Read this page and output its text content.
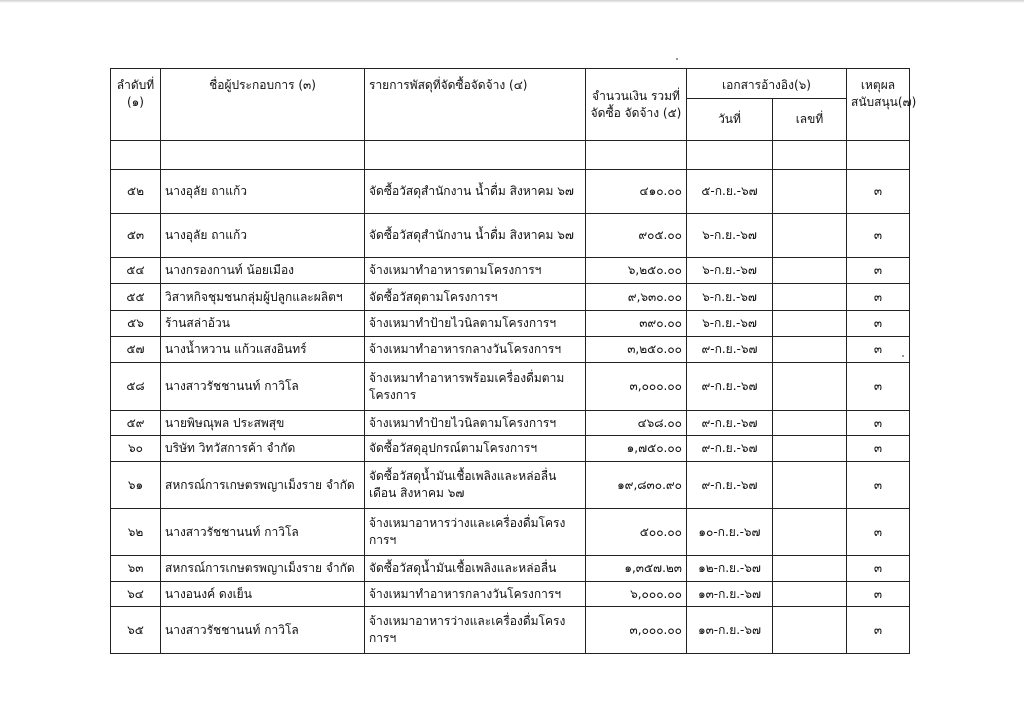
ลำดับที่ (๑)	ชื่อผู้ประกอบการ (๓)	รายการพัสดุที่จัดซื้อจัดจ้าง (๔)	จำนวนเงิน รวมที่จัดซื้อ จัดจ้าง (๕)	เอกสารอ้างอิง(๖)		เหตุผล สนับสนุน(๗)
				วันที่	เลขที่	

๕๒	นางอุลัย ถาแก้ว	จัดซื้อวัสดุสำนักงาน น้ำดื่ม สิงหาคม ๖๗	๔๑๐.๐๐	๕-ก.ย.-๖๗		๓
๕๓	นางอุลัย ถาแก้ว	จัดซื้อวัสดุสำนักงาน น้ำดื่ม สิงหาคม ๖๗	๙๐๕.๐๐	๖-ก.ย.-๖๗		๓
๕๔	นางกรองกานท์ น้อยเมือง	จ้างเหมาทำอาหารตามโครงการฯ	๖,๒๕๐.๐๐	๖-ก.ย.-๖๗		๓
๕๕	วิสาหกิจชุมชนกลุ่มผู้ปลูกและผลิตฯ	จัดซื้อวัสดุตามโครงการฯ	๙,๖๓๐.๐๐	๖-ก.ย.-๖๗		๓
๕๖	ร้านสล่าอ้วน	จ้างเหมาทำป้ายไวนิลตามโครงการฯ	๓๙๐.๐๐	๖-ก.ย.-๖๗		๓
๕๗	นางน้ำหวาน แก้วแสงอินทร์	จ้างเหมาทำอาหารกลางวันโครงการฯ	๓,๒๕๐.๐๐	๙-ก.ย.-๖๗		๓
๕๘	นางสาวรัชชานนท์ กาวิโล	จ้างเหมาทำอาหารพร้อมเครื่องดื่มตามโครงการ	๓,๐๐๐.๐๐	๙-ก.ย.-๖๗		๓
๕๙	นายพิษณุพล ประสพสุข	จ้างเหมาทำป้ายไวนิลตามโครงการฯ	๔๖๘.๐๐	๙-ก.ย.-๖๗		๓
๖๐	บริษัท วิทวัสการค้า จำกัด	จัดซื้อวัสดุอุปกรณ์ตามโครงการฯ	๑,๗๕๐.๐๐	๙-ก.ย.-๖๗		๓
๖๑	สหกรณ์การเกษตรพญาเม็งราย จำกัด	จัดซื้อวัสดุน้ำมันเชื้อเพลิงและหล่อลื่น เดือน สิงหาคม ๖๗	๑๙,๘๓๐.๙๐	๙-ก.ย.-๖๗		๓
๖๒	นางสาวรัชชานนท์ กาวิโล	จ้างเหมาอาหารว่างและเครื่องดื่มโครงการฯ	๕๐๐.๐๐	๑๐-ก.ย.-๖๗		๓
๖๓	สหกรณ์การเกษตรพญาเม็งราย จำกัด	จัดซื้อวัสดุน้ำมันเชื้อเพลิงและหล่อลื่น	๑,๓๕๗.๒๓	๑๒-ก.ย.-๖๗		๓
๖๔	นางอนงค์ ดงเย็น	จ้างเหมาทำอาหารกลางวันโครงการฯ	๖,๐๐๐.๐๐	๑๓-ก.ย.-๖๗		๓
๖๕	นางสาวรัชชานนท์ กาวิโล	จ้างเหมาอาหารว่างและเครื่องดื่มโครงการฯ	๓,๐๐๐.๐๐	๑๓-ก.ย.-๖๗		๓
